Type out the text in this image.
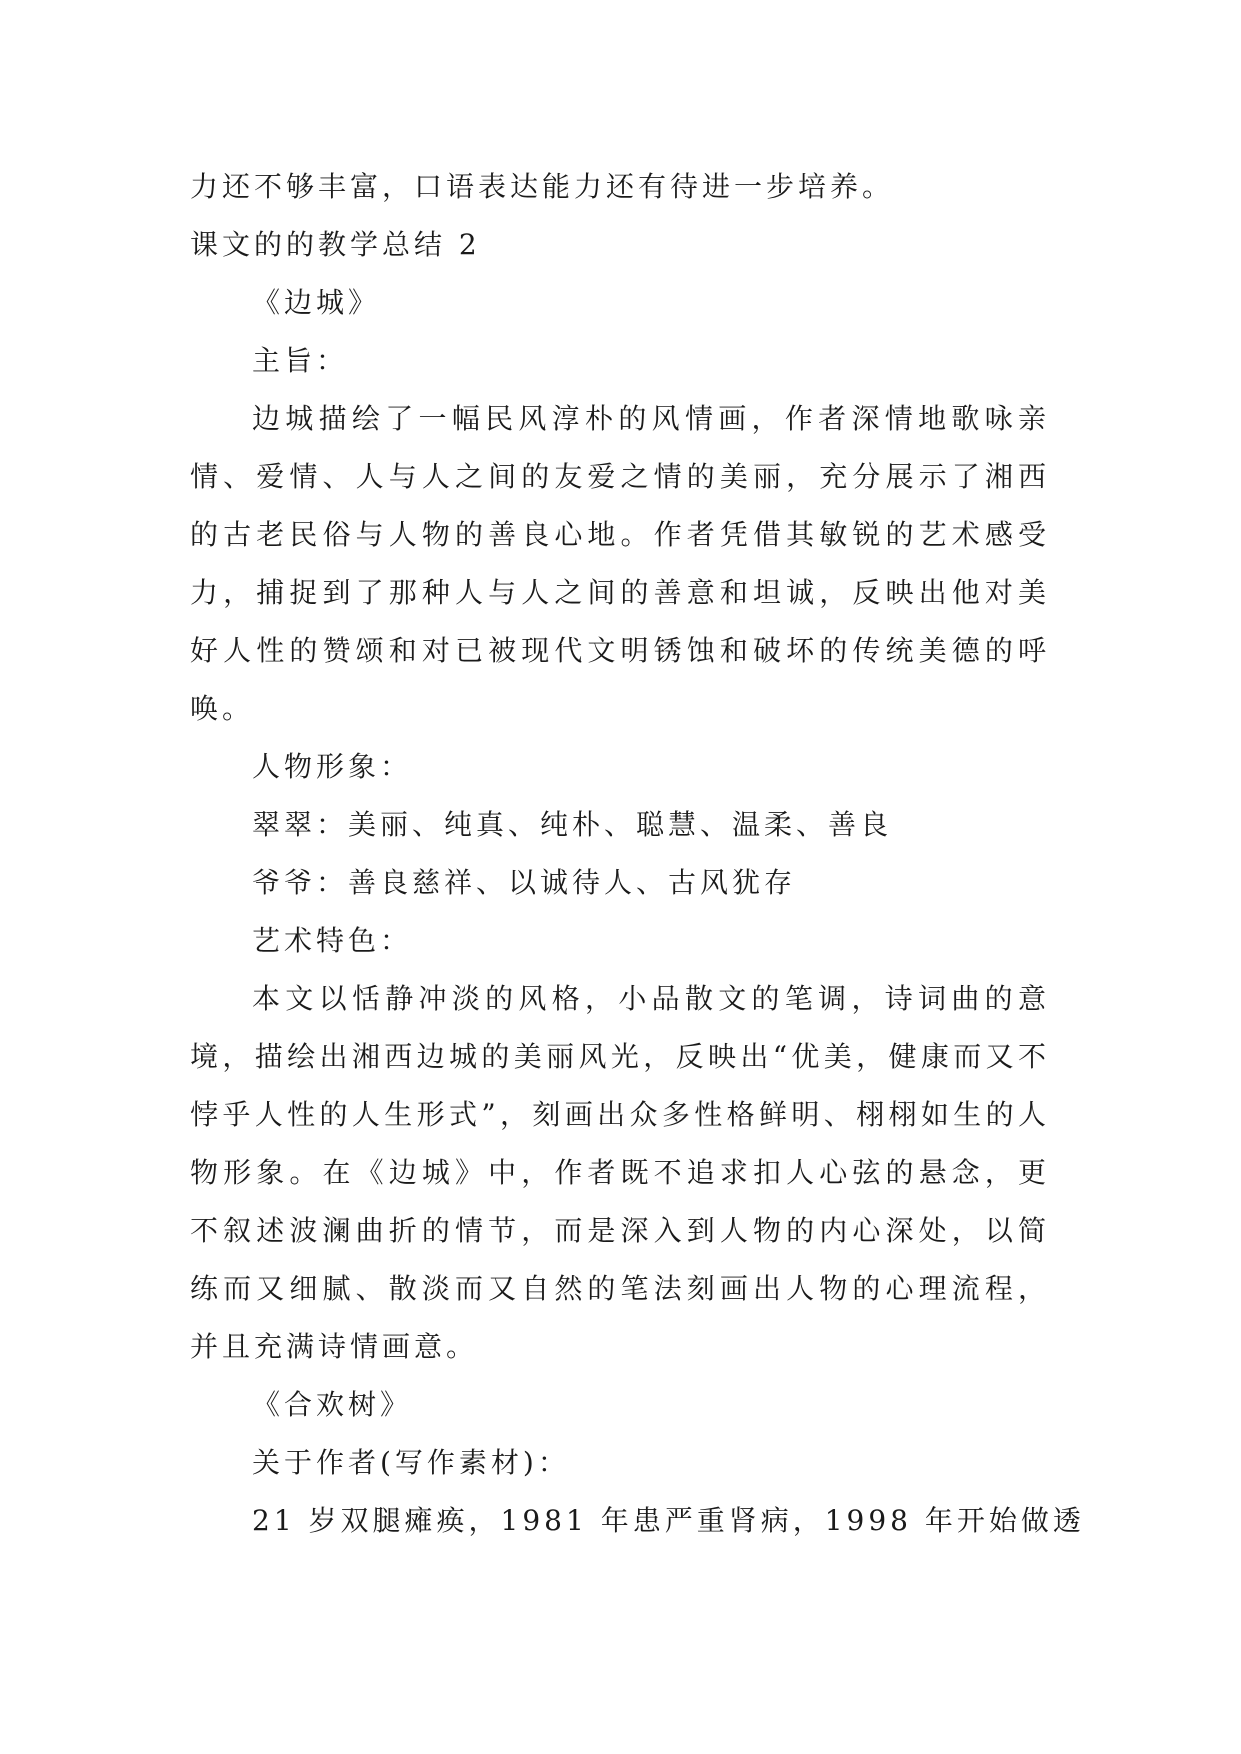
力还不够丰富，口语表达能力还有待进一步培养。

课文的的教学总结 2

《边城》

主旨：

边城描绘了一幅民风淳朴的风情画，作者深情地歌咏亲情、爱情、人与人之间的友爱之情的美丽，充分展示了湘西的古老民俗与人物的善良心地。作者凭借其敏锐的艺术感受力，捕捉到了那种人与人之间的善意和坦诚，反映出他对美好人性的赞颂和对已被现代文明锈蚀和破坏的传统美德的呼唤。

人物形象：

翠翠：美丽、纯真、纯朴、聪慧、温柔、善良

爷爷：善良慈祥、以诚待人、古风犹存

艺术特色：

本文以恬静冲淡的风格，小品散文的笔调，诗词曲的意境，描绘出湘西边城的美丽风光，反映出“优美，健康而又不悖乎人性的人生形式”，刻画出众多性格鲜明、栩栩如生的人物形象。在《边城》中，作者既不追求扣人心弦的悬念，更不叙述波澜曲折的情节，而是深入到人物的内心深处，以简练而又细腻、散淡而又自然的笔法刻画出人物的心理流程，并且充满诗情画意。

《合欢树》

关于作者(写作素材)：

21 岁双腿瘫痪，1981 年患严重肾病，1998 年开始做透
